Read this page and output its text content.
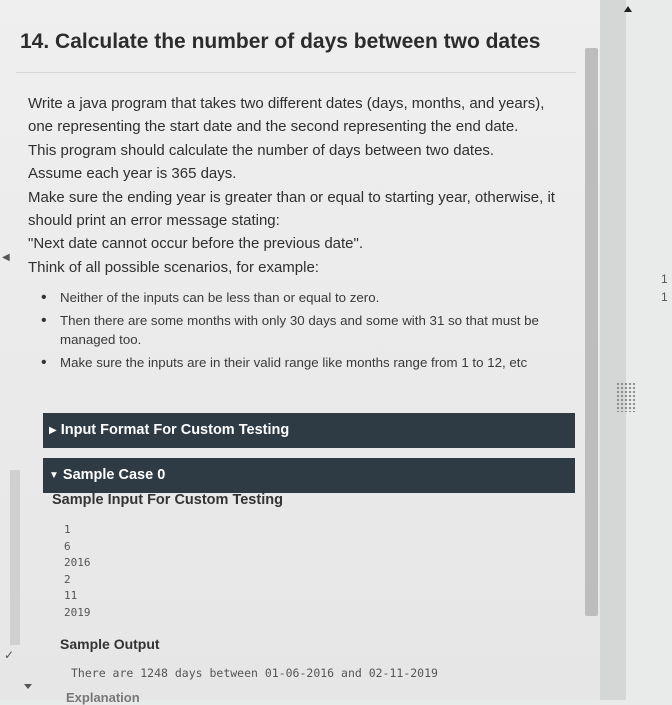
14. Calculate the number of days between two dates
Write a java program that takes two different dates (days, months, and years),
one representing the start date and the second representing the end date.
This program should calculate the number of days between two dates.
Assume each year is 365 days.
Make sure the ending year is greater than or equal to starting year, otherwise, it
should print an error message stating:
"Next date cannot occur before the previous date".
Think of all possible scenarios, for example:
• Neither of the inputs can be less than or equal to zero.
• Then there are some months with only 30 days and some with 31 so that must be managed too.
• Make sure the inputs are in their valid range like months range from 1 to 12, etc
▶ Input Format For Custom Testing
▼ Sample Case 0
Sample Input For Custom Testing
1
6
2016
2
11
2019
Sample Output
There are 1248 days between 01-06-2016 and 02-11-2019
Explanation
1
1
◀
✓
